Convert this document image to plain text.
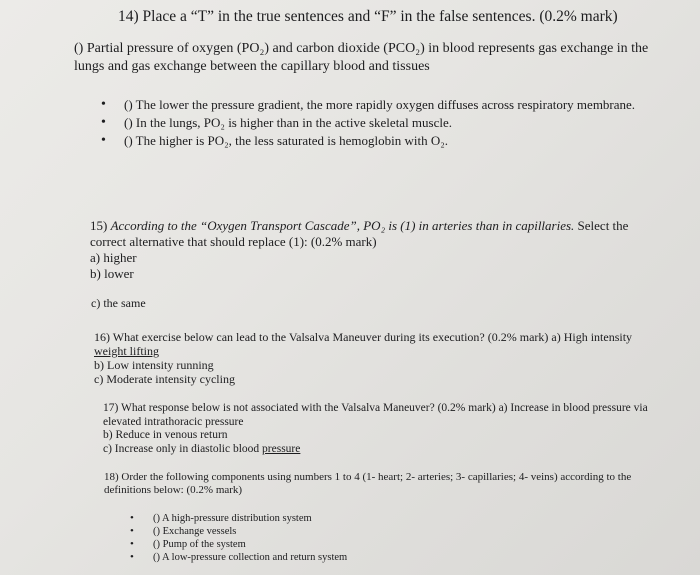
14) Place a “T” in the true sentences and “F” in the false sentences. (0.2% mark)
() Partial pressure of oxygen (PO₂) and carbon dioxide (PCO₂) in blood represents gas exchange in the lungs and gas exchange between the capillary blood and tissues
• () The lower the pressure gradient, the more rapidly oxygen diffuses across respiratory membrane.
• () In the lungs, PO₂ is higher than in the active skeletal muscle.
• () The higher is PO₂, the less saturated is hemoglobin with O₂.
15) According to the “Oxygen Transport Cascade”, PO₂ is (1) in arteries than in capillaries. Select the correct alternative that should replace (1): (0.2% mark)
a) higher
b) lower
c) the same
16) What exercise below can lead to the Valsalva Maneuver during its execution? (0.2% mark) a) High intensity weight lifting
b) Low intensity running
c) Moderate intensity cycling
17) What response below is not associated with the Valsalva Maneuver? (0.2% mark) a) Increase in blood pressure via elevated intrathoracic pressure
b) Reduce in venous return
c) Increase only in diastolic blood pressure
18) Order the following components using numbers 1 to 4 (1- heart; 2- arteries; 3- capillaries; 4- veins) according to the definitions below: (0.2% mark)
• () A high-pressure distribution system
• () Exchange vessels
• () Pump of the system
• () A low-pressure collection and return system
